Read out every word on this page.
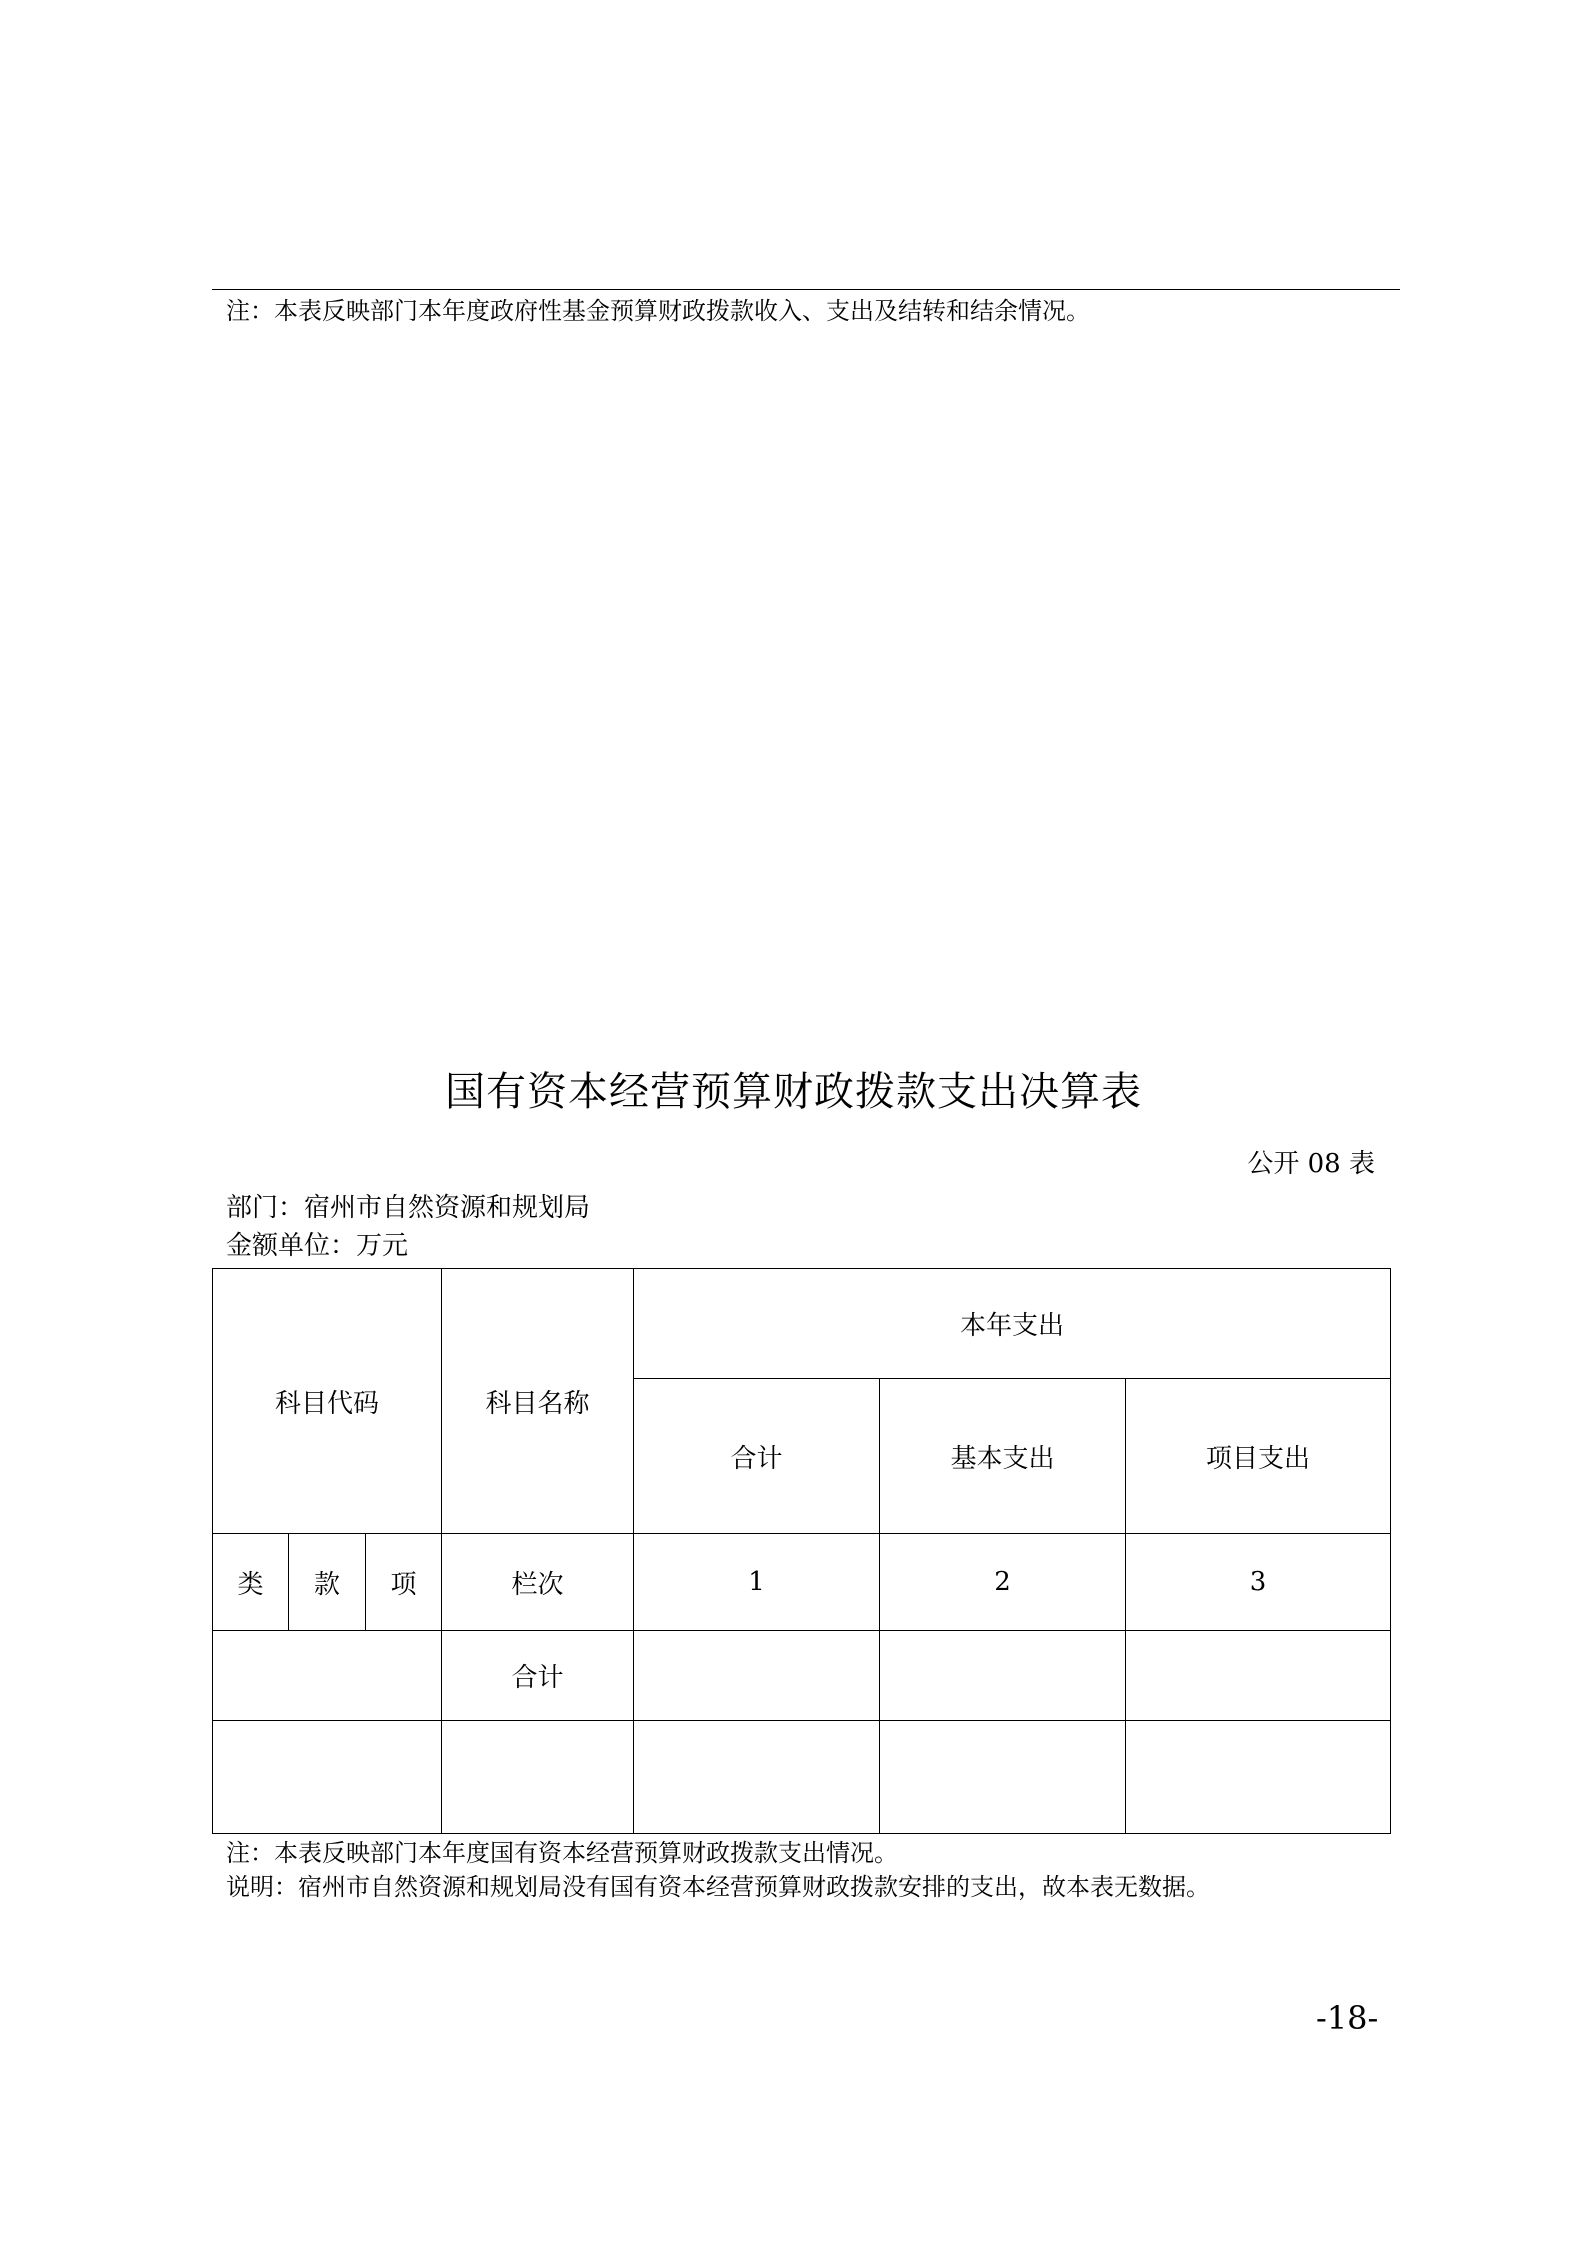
注：本表反映部门本年度政府性基金预算财政拨款收入、支出及结转和结余情况。
国有资本经营预算财政拨款支出决算表
公开 08 表
部门：宿州市自然资源和规划局
金额单位：万元
科目代码			科目名称	本年支出		
				合计	基本支出	项目支出
类	款	项	栏次	1	2	3
			合计			

注：本表反映部门本年度国有资本经营预算财政拨款支出情况。
说明：宿州市自然资源和规划局没有国有资本经营预算财政拨款安排的支出，故本表无数据。
-18-
